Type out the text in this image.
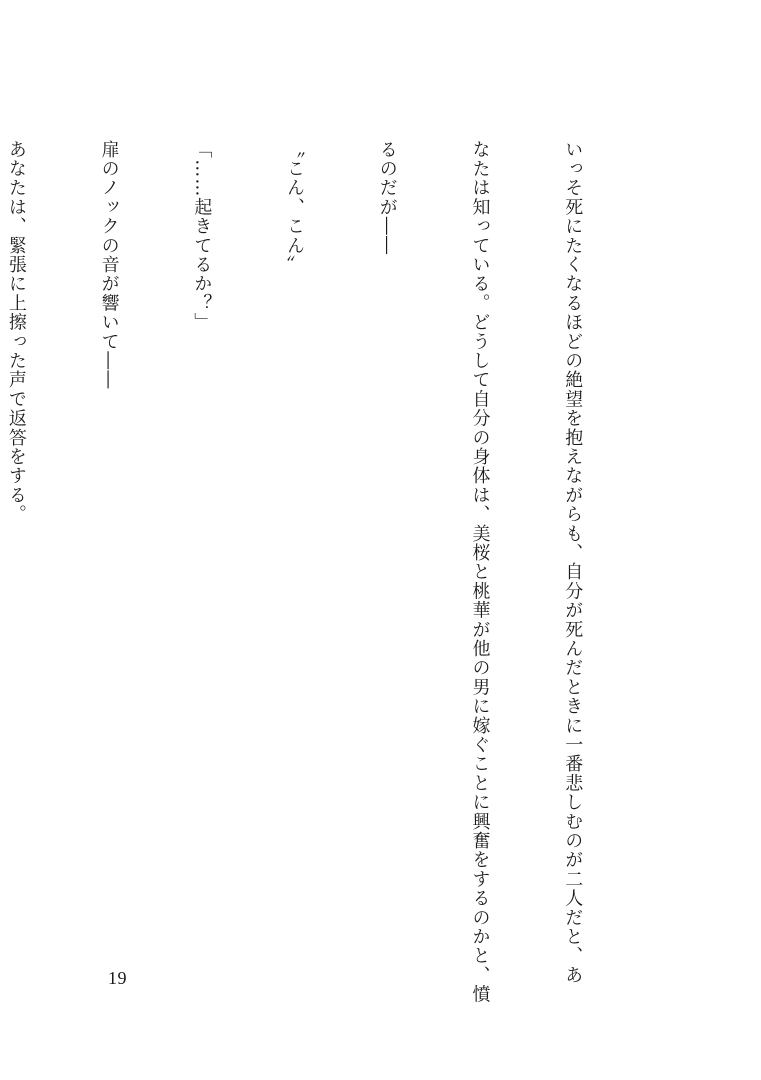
いっそ死にたくなるほどの絶望を抱えながらも、自分が死んだときに一番悲しむのが二人だと、あ

なたは知っている。どうして自分の身体は、美桜と桃華が他の男に嫁ぐことに興奮をするのかと、憤

るのだが――

〝こん、こん〟

「……起きてるか？」

扉のノックの音が響いて――

あなたは、緊張に上擦った声で返答をする。

19
